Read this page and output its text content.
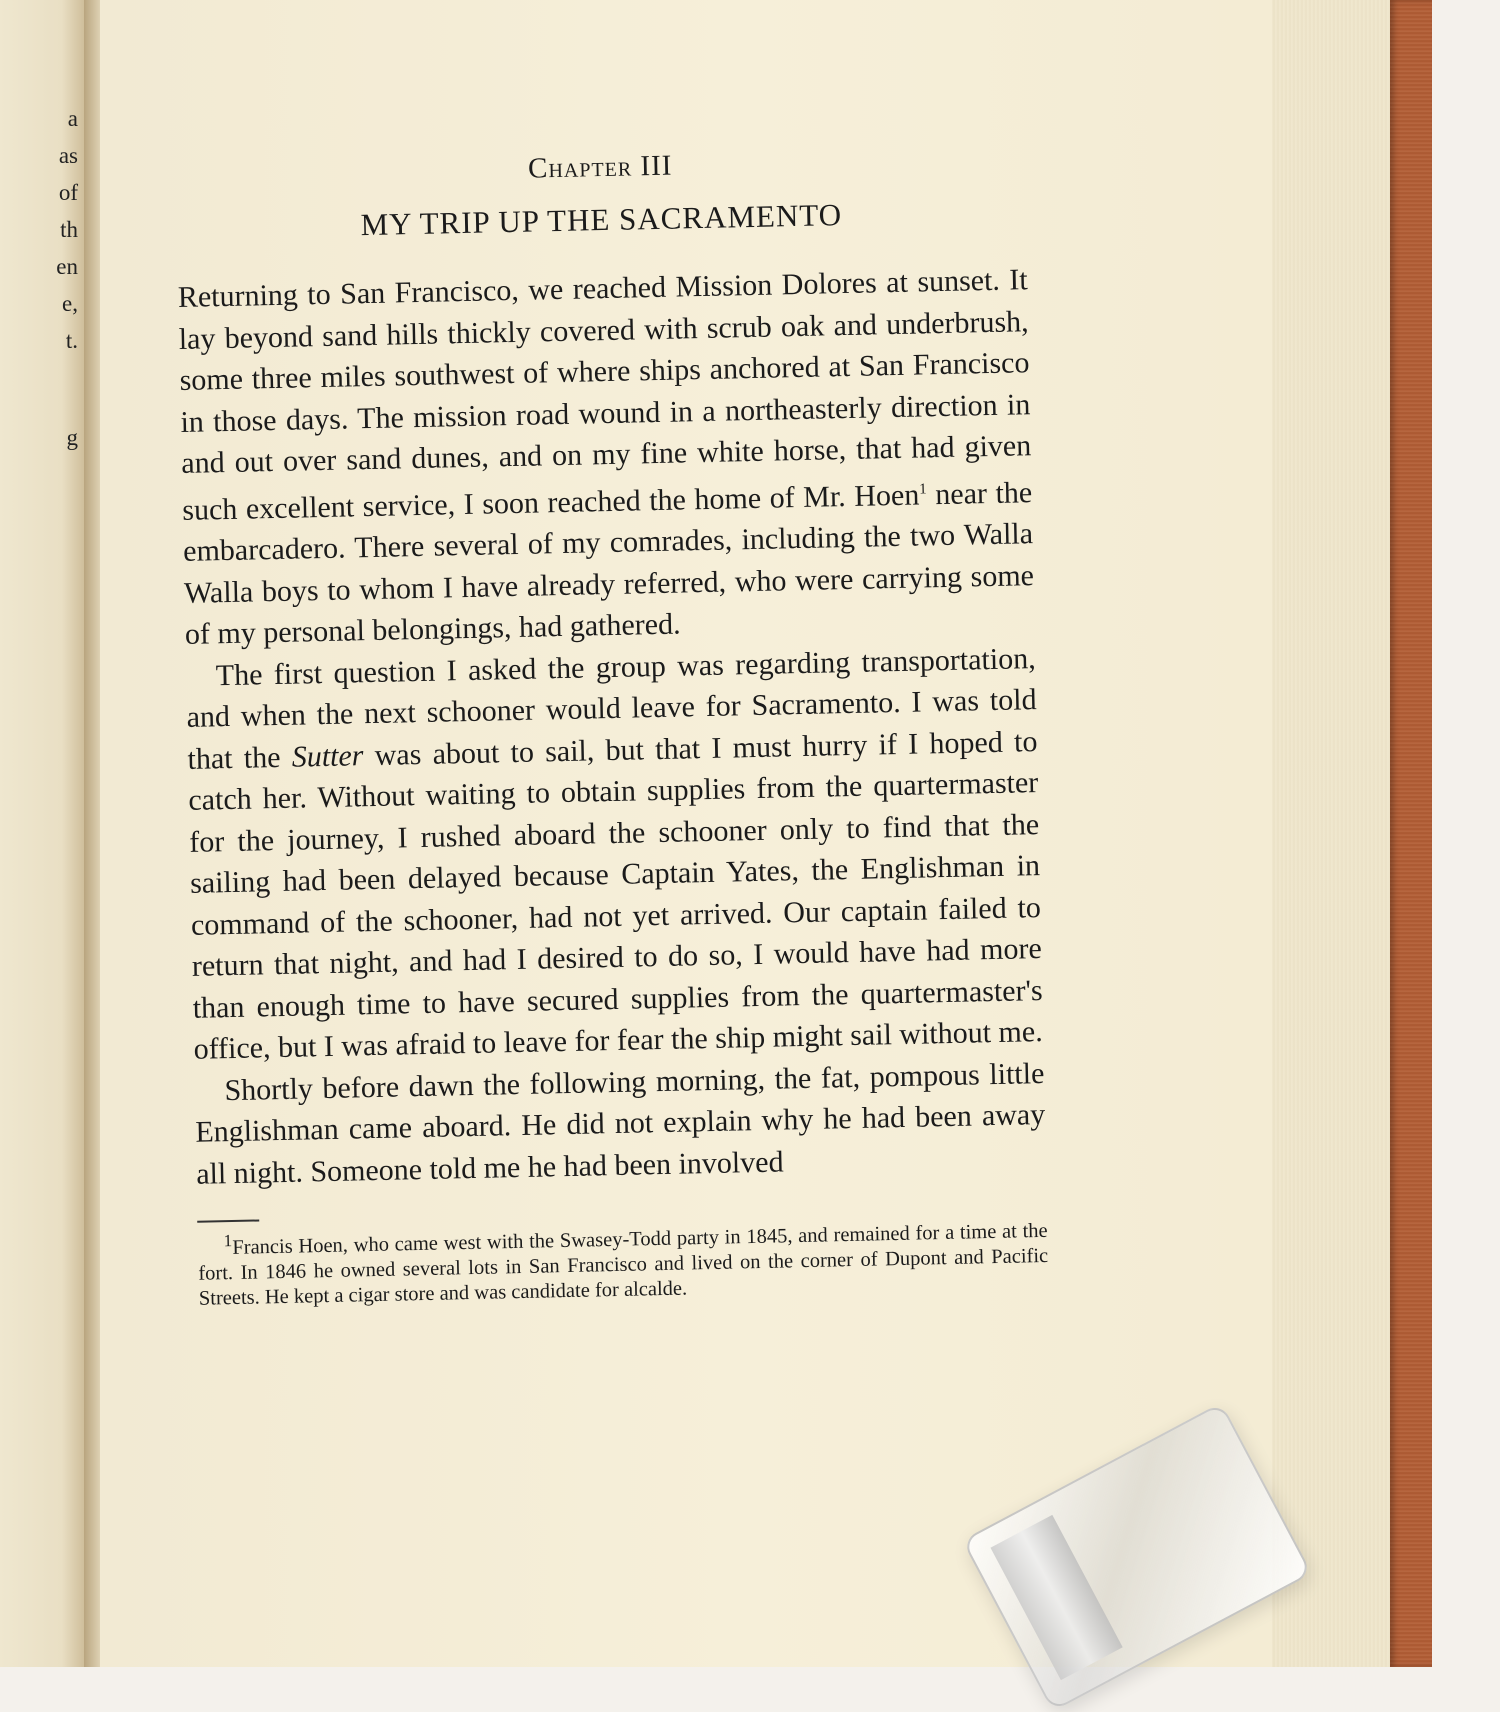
a
as
of
th
en
e,
t.
g
Chapter III
MY TRIP UP THE SACRAMENTO

Returning to San Francisco, we reached Mission Dolores at sunset. It lay beyond sand hills thickly covered with scrub oak and underbrush, some three miles southwest of where ships anchored at San Francisco in those days. The mission road wound in a northeasterly direction in and out over sand dunes, and on my fine white horse, that had given such excellent service, I soon reached the home of Mr. Hoen$^1$ near the embarcadero. There several of my comrades, including the two Walla Walla boys to whom I have already referred, who were carrying some of my personal belongings, had gathered.

The first question I asked the group was regarding transportation, and when the next schooner would leave for Sacramento. I was told that the Sutter was about to sail, but that I must hurry if I hoped to catch her. Without waiting to obtain supplies from the quartermaster for the journey, I rushed aboard the schooner only to find that the sailing had been delayed because Captain Yates, the Englishman in command of the schooner, had not yet arrived. Our captain failed to return that night, and had I desired to do so, I would have had more than enough time to have secured supplies from the quartermaster's office, but I was afraid to leave for fear the ship might sail without me.

Shortly before dawn the following morning, the fat, pompous little Englishman came aboard. He did not explain why he had been away all night. Someone told me he had been involved

$^1$Francis Hoen, who came west with the Swasey-Todd party in 1845, and remained for a time at the fort. In 1846 he owned several lots in San Francisco and lived on the corner of Dupont and Pacific Streets. He kept a cigar store and was candidate for alcalde.
